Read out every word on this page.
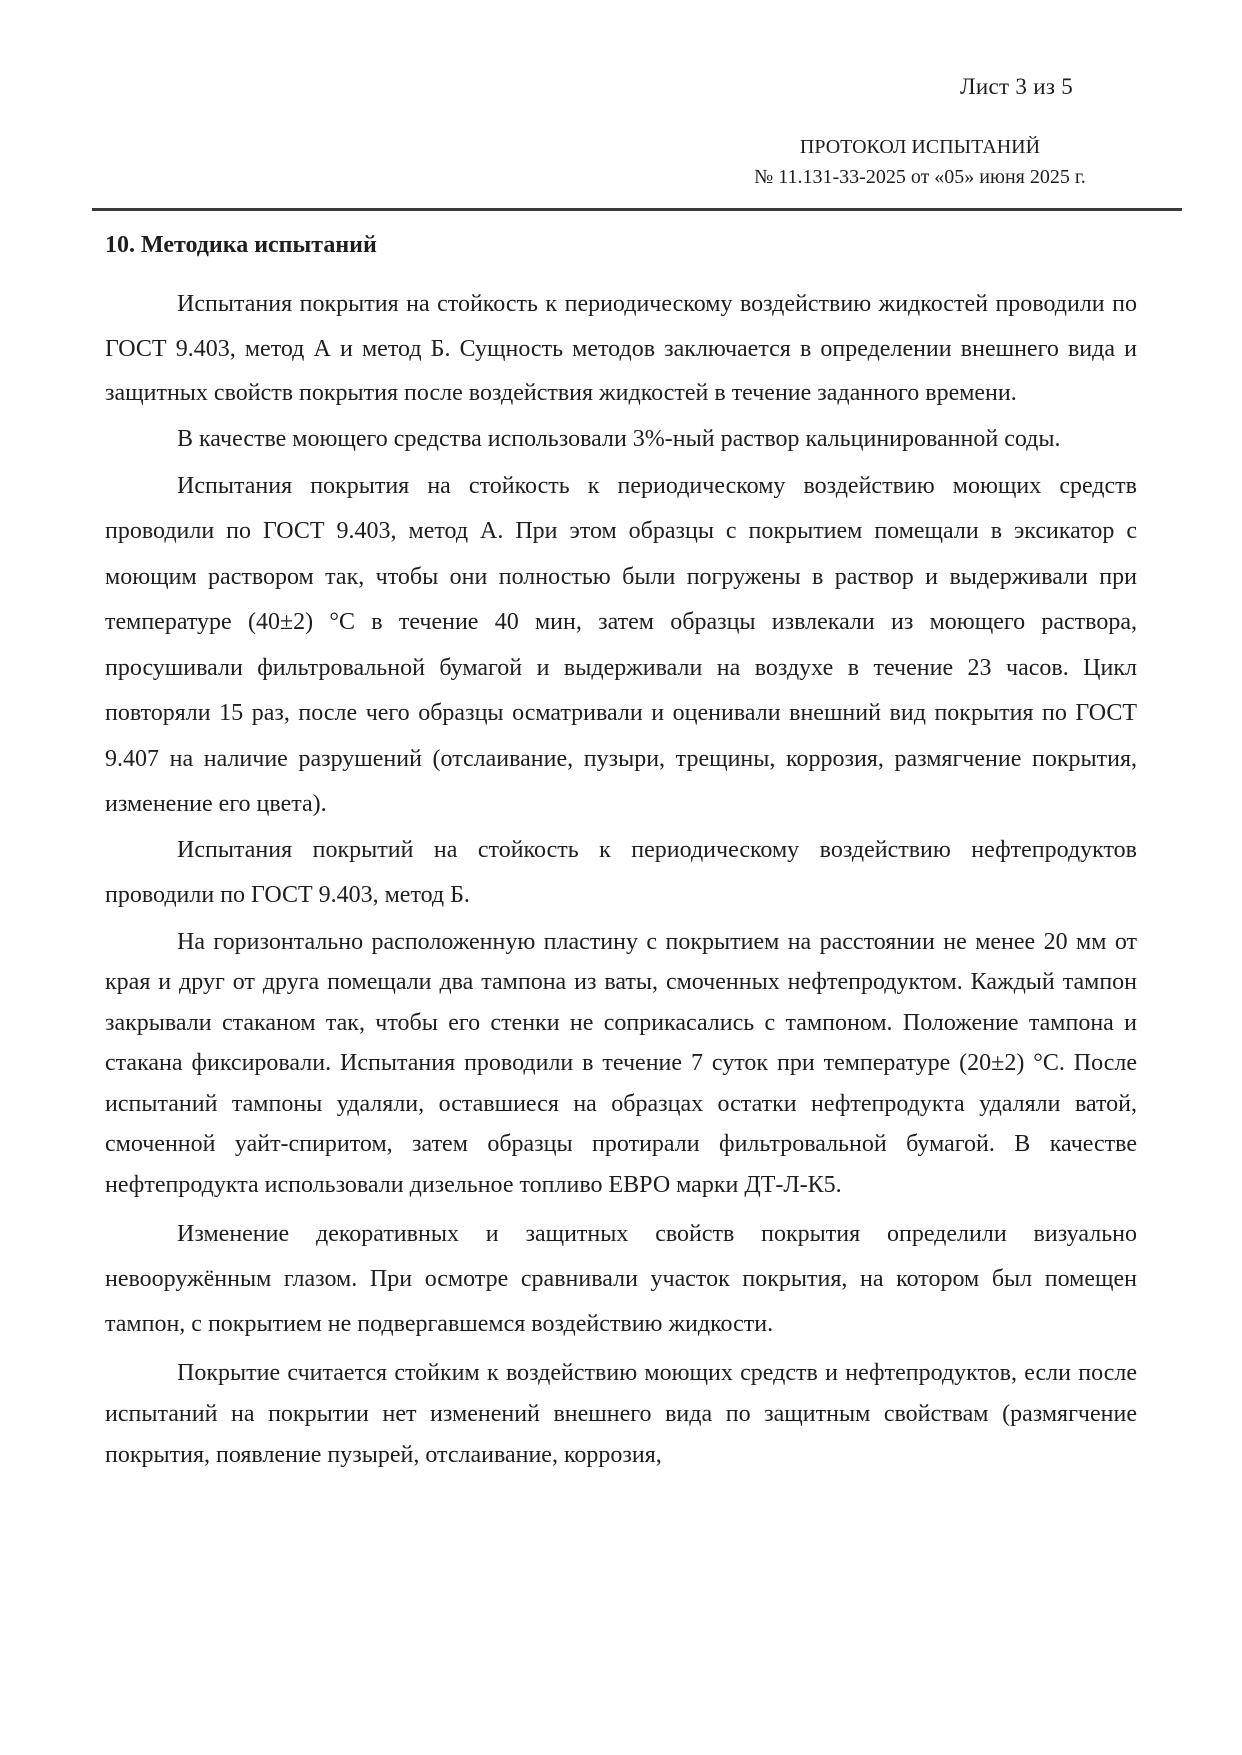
Лист 3 из 5
ПРОТОКОЛ ИСПЫТАНИЙ
№ 11.131-33-2025 от «05» июня 2025 г.
10. Методика испытаний

Испытания покрытия на стойкость к периодическому воздействию жидкостей проводили по ГОСТ 9.403, метод А и метод Б. Сущность методов заключается в определении внешнего вида и защитных свойств покрытия после воздействия жидкостей в течение заданного времени.

В качестве моющего средства использовали 3%-ный раствор кальцинированной соды.

Испытания покрытия на стойкость к периодическому воздействию моющих средств проводили по ГОСТ 9.403, метод А. При этом образцы с покрытием помещали в эксикатор с моющим раствором так, чтобы они полностью были погружены в раствор и выдерживали при температуре (40±2) °С в течение 40 мин, затем образцы извлекали из моющего раствора, просушивали фильтровальной бумагой и выдерживали на воздухе в течение 23 часов. Цикл повторяли 15 раз, после чего образцы осматривали и оценивали внешний вид покрытия по ГОСТ 9.407 на наличие разрушений (отслаивание, пузыри, трещины, коррозия, размягчение покрытия, изменение его цвета).

Испытания покрытий на стойкость к периодическому воздействию нефтепродуктов проводили по ГОСТ 9.403, метод Б.

На горизонтально расположенную пластину с покрытием на расстоянии не менее 20 мм от края и друг от друга помещали два тампона из ваты, смоченных нефтепродуктом. Каждый тампон закрывали стаканом так, чтобы его стенки не соприкасались с тампоном. Положение тампона и стакана фиксировали. Испытания проводили в течение 7 суток при температуре (20±2) °С. После испытаний тампоны удаляли, оставшиеся на образцах остатки нефтепродукта удаляли ватой, смоченной уайт-спиритом, затем образцы протирали фильтровальной бумагой. В качестве нефтепродукта использовали дизельное топливо ЕВРО марки ДТ-Л-К5.

Изменение декоративных и защитных свойств покрытия определили визуально невооружённым глазом. При осмотре сравнивали участок покрытия, на котором был помещен тампон, с покрытием не подвергавшемся воздействию жидкости.

Покрытие считается стойким к воздействию моющих средств и нефтепродуктов, если после испытаний на покрытии нет изменений внешнего вида по защитным свойствам (размягчение покрытия, появление пузырей, отслаивание, коррозия,
